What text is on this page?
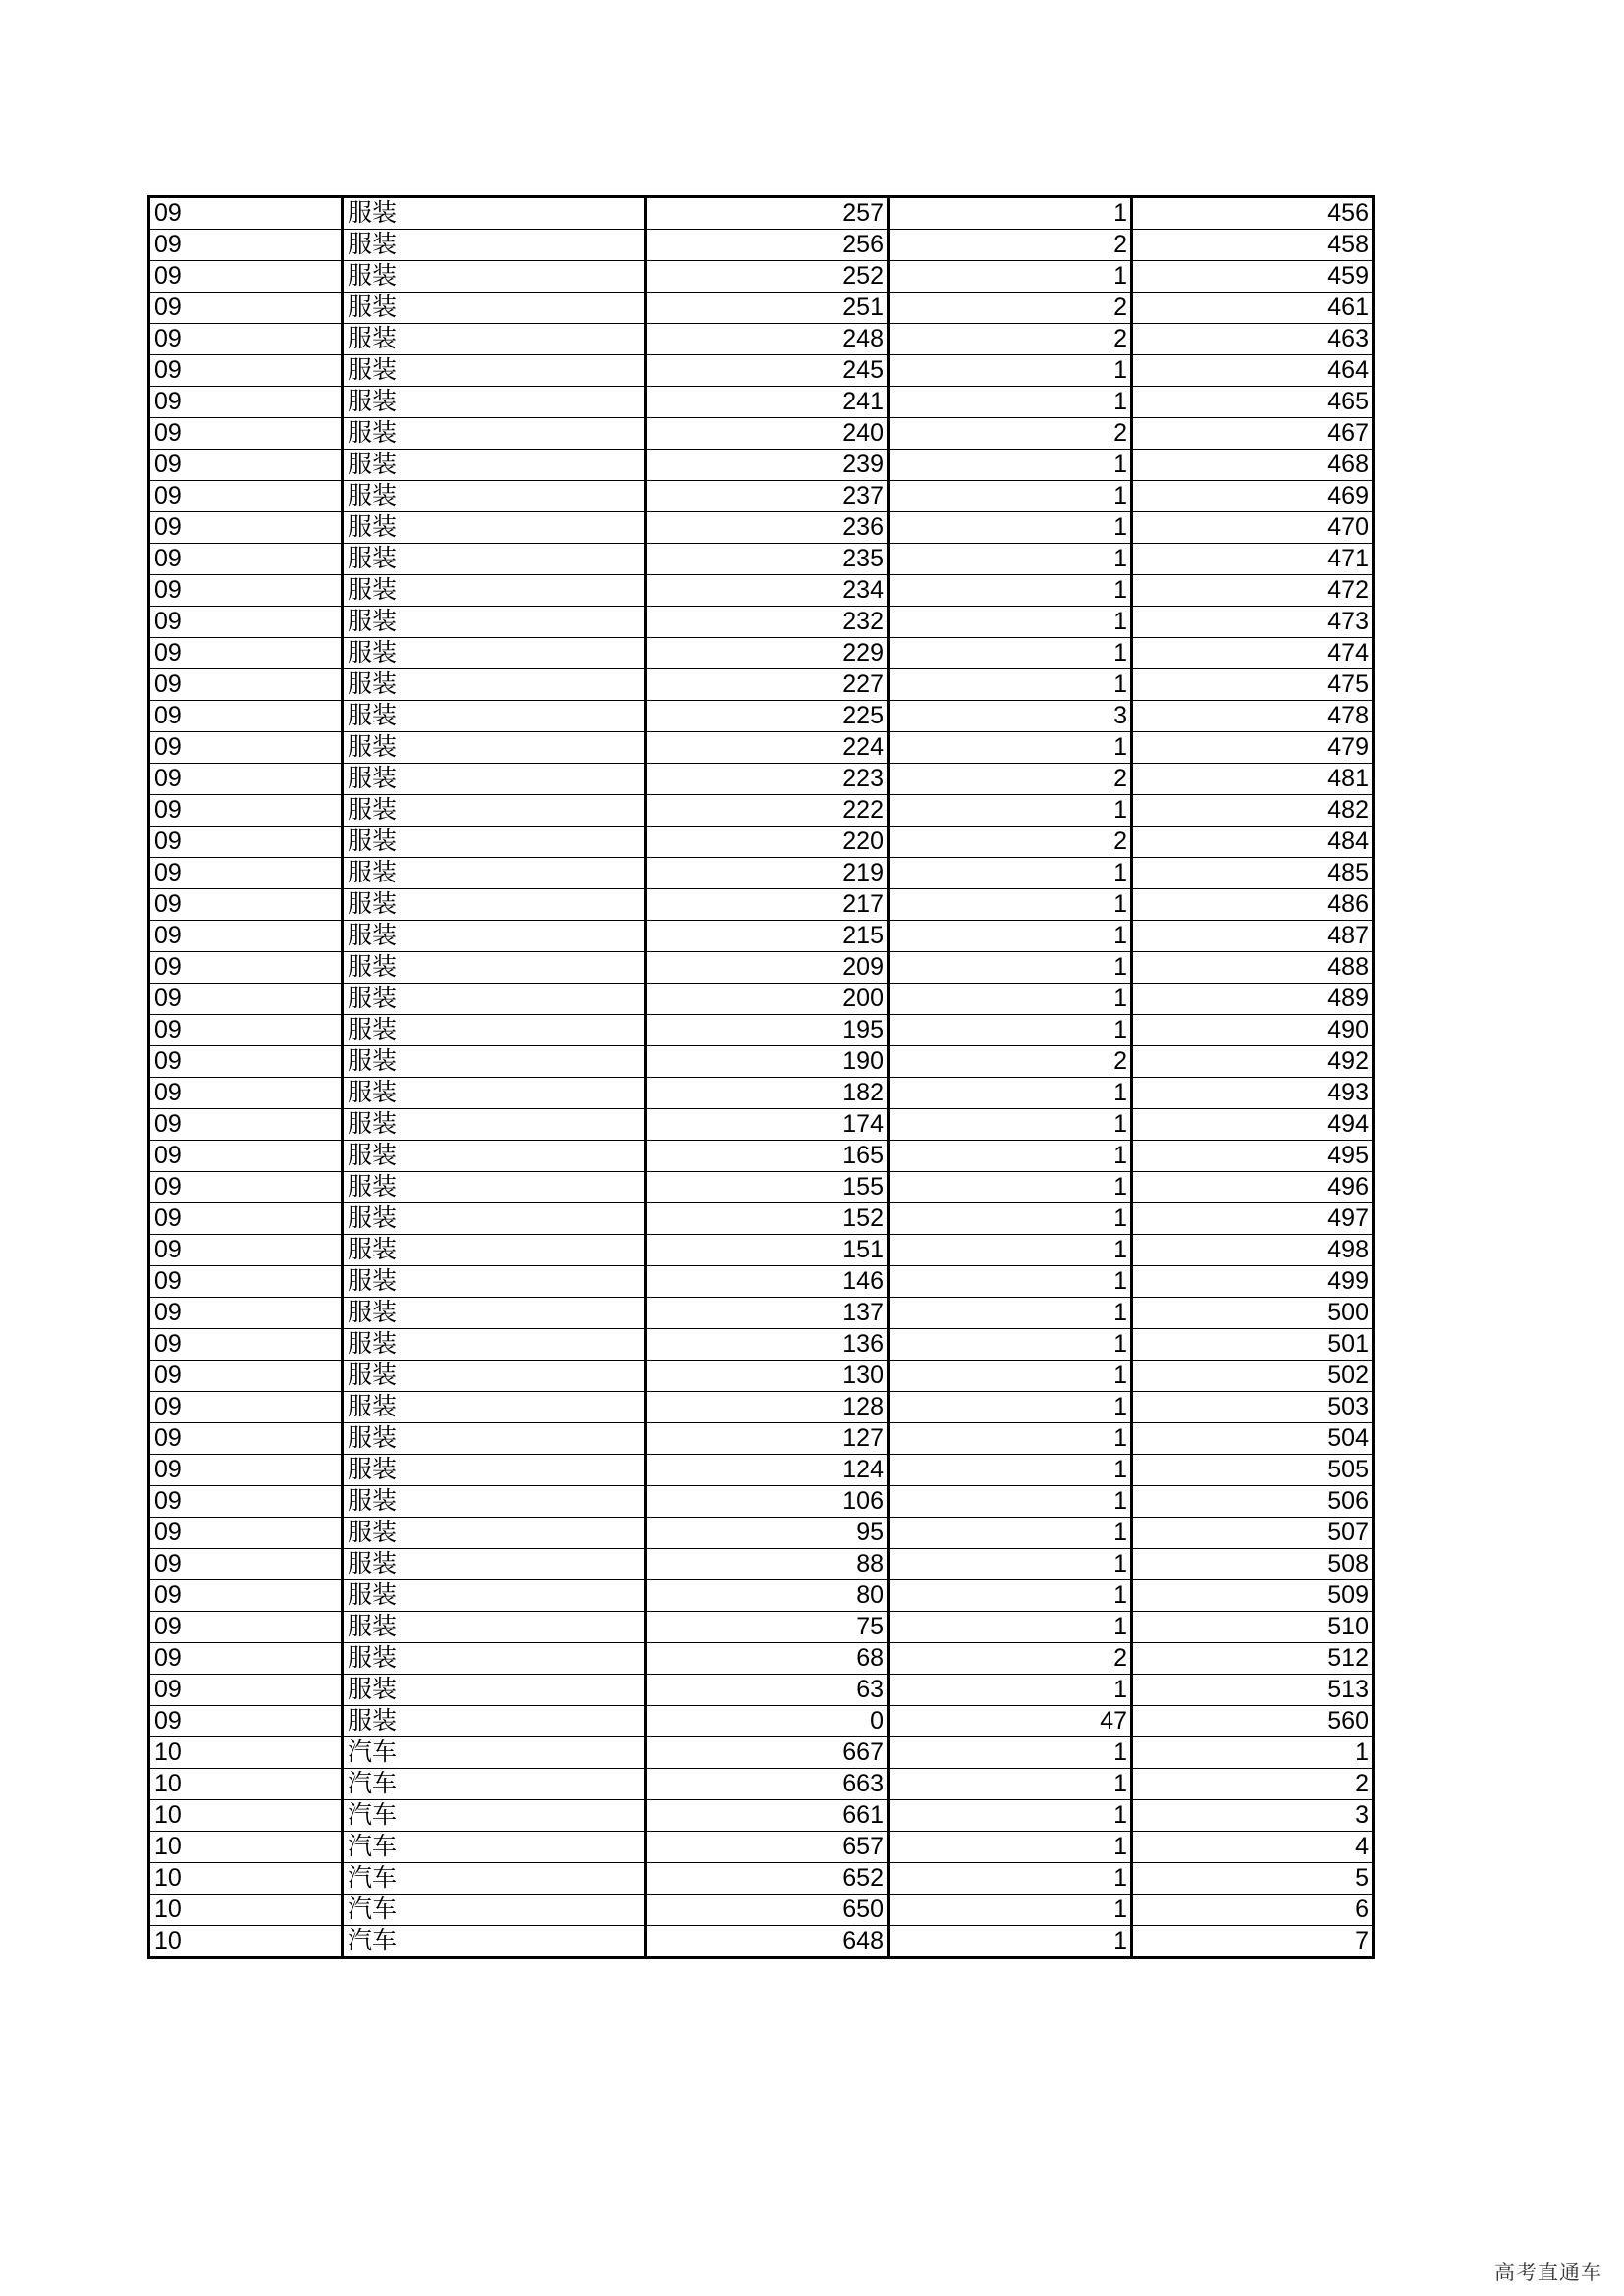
09	服装	257	1	456
09	服装	256	2	458
09	服装	252	1	459
09	服装	251	2	461
09	服装	248	2	463
09	服装	245	1	464
09	服装	241	1	465
09	服装	240	2	467
09	服装	239	1	468
09	服装	237	1	469
09	服装	236	1	470
09	服装	235	1	471
09	服装	234	1	472
09	服装	232	1	473
09	服装	229	1	474
09	服装	227	1	475
09	服装	225	3	478
09	服装	224	1	479
09	服装	223	2	481
09	服装	222	1	482
09	服装	220	2	484
09	服装	219	1	485
09	服装	217	1	486
09	服装	215	1	487
09	服装	209	1	488
09	服装	200	1	489
09	服装	195	1	490
09	服装	190	2	492
09	服装	182	1	493
09	服装	174	1	494
09	服装	165	1	495
09	服装	155	1	496
09	服装	152	1	497
09	服装	151	1	498
09	服装	146	1	499
09	服装	137	1	500
09	服装	136	1	501
09	服装	130	1	502
09	服装	128	1	503
09	服装	127	1	504
09	服装	124	1	505
09	服装	106	1	506
09	服装	95	1	507
09	服装	88	1	508
09	服装	80	1	509
09	服装	75	1	510
09	服装	68	2	512
09	服装	63	1	513
09	服装	0	47	560
10	汽车	667	1	1
10	汽车	663	1	2
10	汽车	661	1	3
10	汽车	657	1	4
10	汽车	652	1	5
10	汽车	650	1	6
10	汽车	648	1	7
高考直通车
